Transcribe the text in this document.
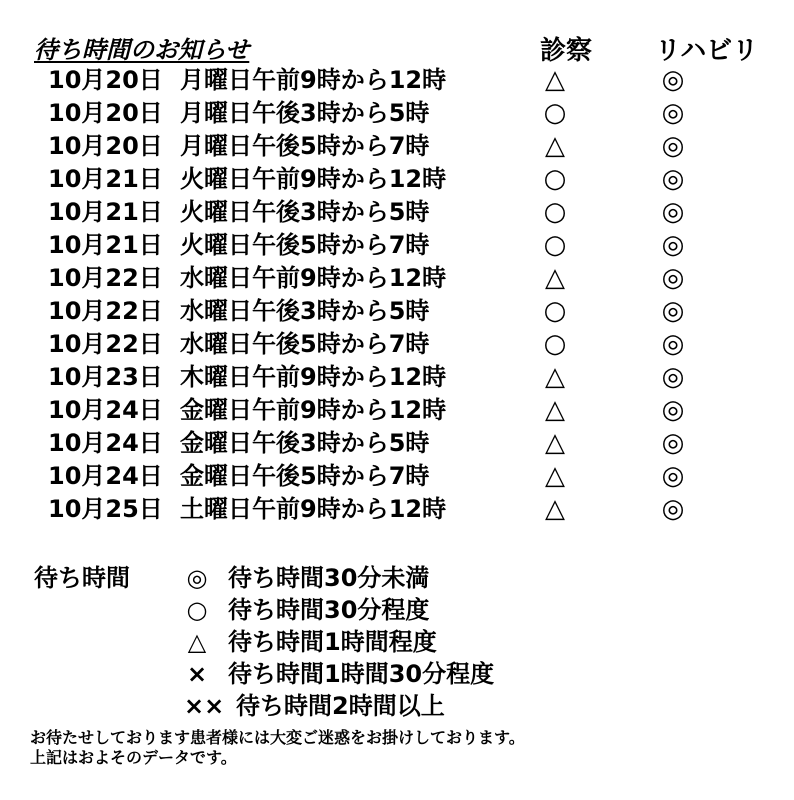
待ち時間のお知らせ	診察 リハビリ
10月20日 月曜日午前9時から12時	△	◎
10月20日 月曜日午後3時から5時	○	◎
10月20日 月曜日午後5時から7時	△	◎
10月21日 火曜日午前9時から12時	○	◎
10月21日 火曜日午後3時から5時	○	◎
10月21日 火曜日午後5時から7時	○	◎
10月22日 水曜日午前9時から12時	△	◎
10月22日 水曜日午後3時から5時	○	◎
10月22日 水曜日午後5時から7時	○	◎
10月23日 木曜日午前9時から12時	△	◎
10月24日 金曜日午前9時から12時	△	◎
10月24日 金曜日午後3時から5時	△	◎
10月24日 金曜日午後5時から7時	△	◎
10月25日 土曜日午前9時から12時	△	◎
待ち時間 ◎ 待ち時間30分未満
○ 待ち時間30分程度
△ 待ち時間1時間程度
× 待ち時間1時間30分程度
×× 待ち時間2時間以上
お待たせしております患者様には大変ご迷惑をお掛けしております。
上記はおよそのデータです。
